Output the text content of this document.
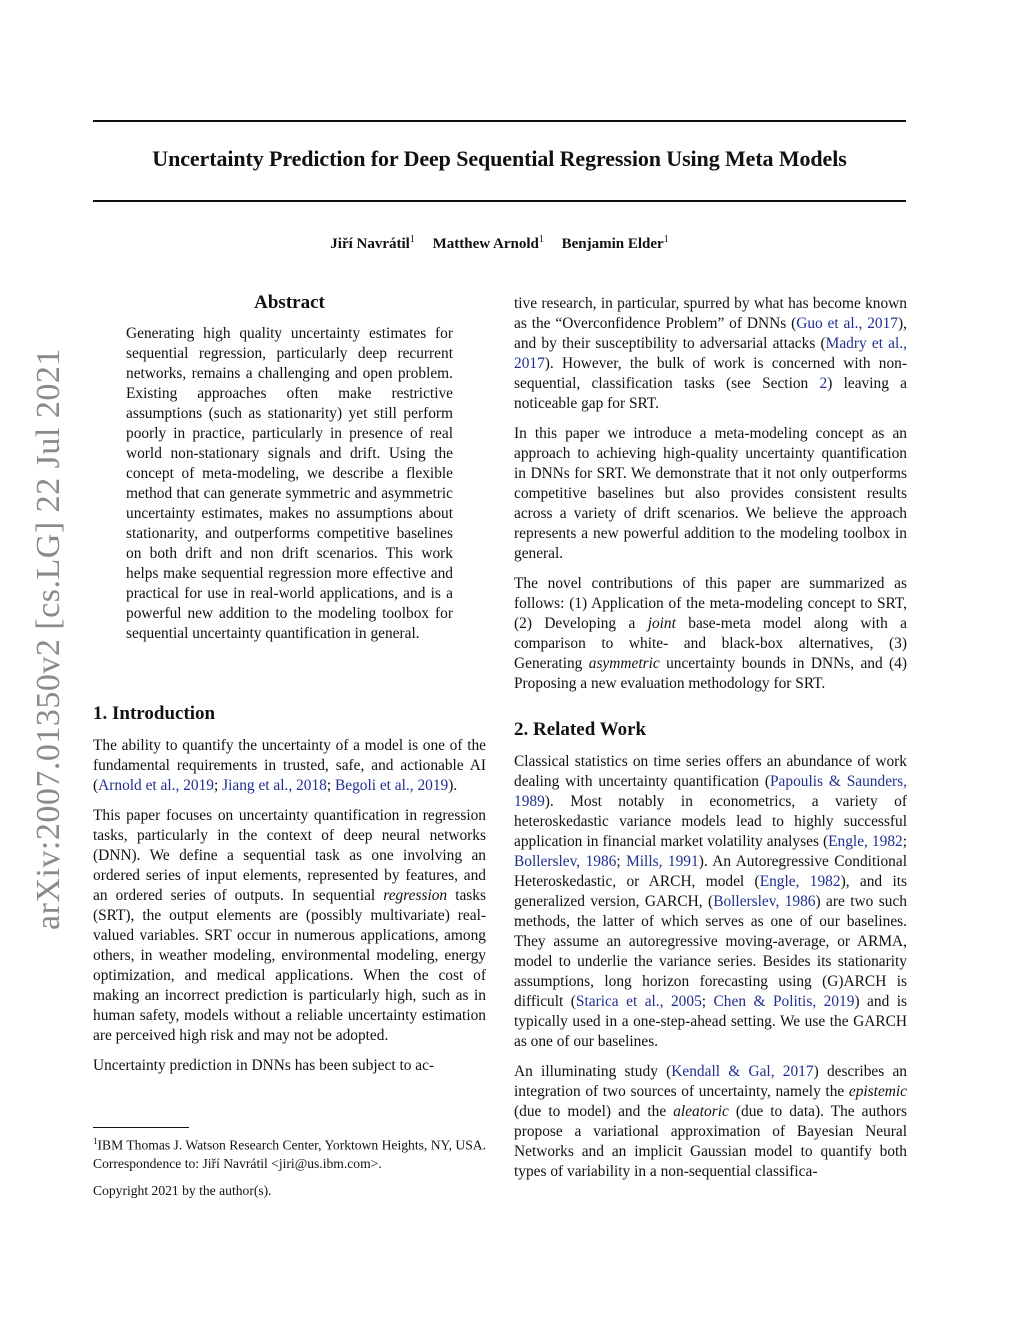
Uncertainty Prediction for Deep Sequential Regression Using Meta Models
Jiří Navrátil$^1$ Matthew Arnold$^1$ Benjamin Elder$^1$
arXiv:2007.01350v2 [cs.LG] 22 Jul 2021
Abstract
Generating high quality uncertainty estimates for sequential regression, particularly deep recurrent networks, remains a challenging and open problem. Existing approaches often make restrictive assumptions (such as stationarity) yet still perform poorly in practice, particularly in presence of real world non-stationary signals and drift. Using the concept of meta-modeling, we describe a flexible method that can generate symmetric and asymmetric uncertainty estimates, makes no assumptions about stationarity, and outperforms competitive baselines on both drift and non drift scenarios. This work helps make sequential regression more effective and practical for use in real-world applications, and is a powerful new addition to the modeling toolbox for sequential uncertainty quantification in general.

1. Introduction

The ability to quantify the uncertainty of a model is one of the fundamental requirements in trusted, safe, and actionable AI (Arnold et al., 2019; Jiang et al., 2018; Begoli et al., 2019).

This paper focuses on uncertainty quantification in regression tasks, particularly in the context of deep neural networks (DNN). We define a sequential task as one involving an ordered series of input elements, represented by features, and an ordered series of outputs. In sequential regression tasks (SRT), the output elements are (possibly multivariate) real-valued variables. SRT occur in numerous applications, among others, in weather modeling, environmental modeling, energy optimization, and medical applications. When the cost of making an incorrect prediction is particularly high, such as in human safety, models without a reliable uncertainty estimation are perceived high risk and may not be adopted.

Uncertainty prediction in DNNs has been subject to ac-

$^1$IBM Thomas J. Watson Research Center, Yorktown Heights, NY, USA. Correspondence to: Jiří Navrátil <jiri@us.ibm.com>.
Copyright 2021 by the author(s).

tive research, in particular, spurred by what has become known as the “Overconfidence Problem” of DNNs (Guo et al., 2017), and by their susceptibility to adversarial attacks (Madry et al., 2017). However, the bulk of work is concerned with non-sequential, classification tasks (see Section 2) leaving a noticeable gap for SRT.

In this paper we introduce a meta-modeling concept as an approach to achieving high-quality uncertainty quantification in DNNs for SRT. We demonstrate that it not only outperforms competitive baselines but also provides consistent results across a variety of drift scenarios. We believe the approach represents a new powerful addition to the modeling toolbox in general.

The novel contributions of this paper are summarized as follows: (1) Application of the meta-modeling concept to SRT, (2) Developing a joint base-meta model along with a comparison to white- and black-box alternatives, (3) Generating asymmetric uncertainty bounds in DNNs, and (4) Proposing a new evaluation methodology for SRT.

2. Related Work

Classical statistics on time series offers an abundance of work dealing with uncertainty quantification (Papoulis & Saunders, 1989). Most notably in econometrics, a variety of heteroskedastic variance models lead to highly successful application in financial market volatility analyses (Engle, 1982; Bollerslev, 1986; Mills, 1991). An Autoregressive Conditional Heteroskedastic, or ARCH, model (Engle, 1982), and its generalized version, GARCH, (Bollerslev, 1986) are two such methods, the latter of which serves as one of our baselines. They assume an autoregressive moving-average, or ARMA, model to underlie the variance series. Besides its stationarity assumptions, long horizon forecasting using (G)ARCH is difficult (Starica et al., 2005; Chen & Politis, 2019) and is typically used in a one-step-ahead setting. We use the GARCH as one of our baselines.

An illuminating study (Kendall & Gal, 2017) describes an integration of two sources of uncertainty, namely the epistemic (due to model) and the aleatoric (due to data). The authors propose a variational approximation of Bayesian Neural Networks and an implicit Gaussian model to quantify both types of variability in a non-sequential classifica-
